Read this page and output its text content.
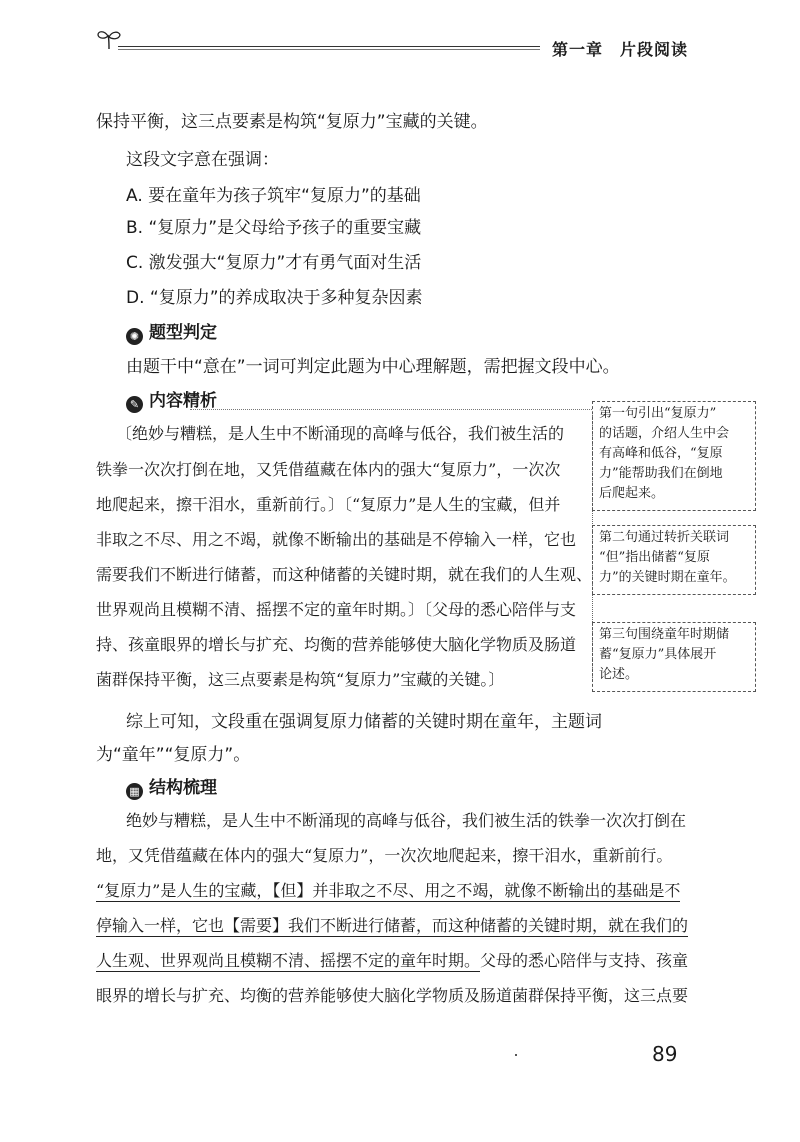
第一章　片段阅读
保持平衡，这三点要素是构筑“复原力”宝藏的关键。
这段文字意在强调：
A. 要在童年为孩子筑牢“复原力”的基础
B. “复原力”是父母给予孩子的重要宝藏
C. 激发强大“复原力”才有勇气面对生活
D. “复原力”的养成取决于多种复杂因素
✺ 题型判定
由题干中“意在”一词可判定此题为中心理解题，需把握文段中心。
✎ 内容精析
〔绝妙与糟糕，是人生中不断涌现的高峰与低谷，我们被生活的
铁拳一次次打倒在地，又凭借蕴藏在体内的强大“复原力”，一次次
地爬起来，擦干泪水，重新前行。〕〔“复原力”是人生的宝藏，但并
非取之不尽、用之不竭，就像不断输出的基础是不停输入一样，它也
需要我们不断进行储蓄，而这种储蓄的关键时期，就在我们的人生观、
世界观尚且模糊不清、摇摆不定的童年时期。〕〔父母的悉心陪伴与支
持、孩童眼界的增长与扩充、均衡的营养能够使大脑化学物质及肠道
菌群保持平衡，这三点要素是构筑“复原力”宝藏的关键。〕

第一句引出“复原力”

的话题，介绍人生中会

有高峰和低谷，“复原

力”能帮助我们在倒地

后爬起来。

第二句通过转折关联词

“但”指出储蓄“复原

力”的关键时期在童年。

第三句围绕童年时期储

蓄“复原力”具体展开

论述。

综上可知，文段重在强调复原力储蓄的关键时期在童年，主题词
为“童年”“复原力”。
▦ 结构梳理
绝妙与糟糕，是人生中不断涌现的高峰与低谷，我们被生活的铁拳一次次打倒在
地，又凭借蕴藏在体内的强大“复原力”，一次次地爬起来，擦干泪水，重新前行。
“复原力”是人生的宝藏，【但】并非取之不尽、用之不竭，就像不断输出的基础是不
停输入一样，它也【需要】我们不断进行储蓄，而这种储蓄的关键时期，就在我们的
人生观、世界观尚且模糊不清、摇摆不定的童年时期。父母的悉心陪伴与支持、孩童
眼界的增长与扩充、均衡的营养能够使大脑化学物质及肠道菌群保持平衡，这三点要
89
